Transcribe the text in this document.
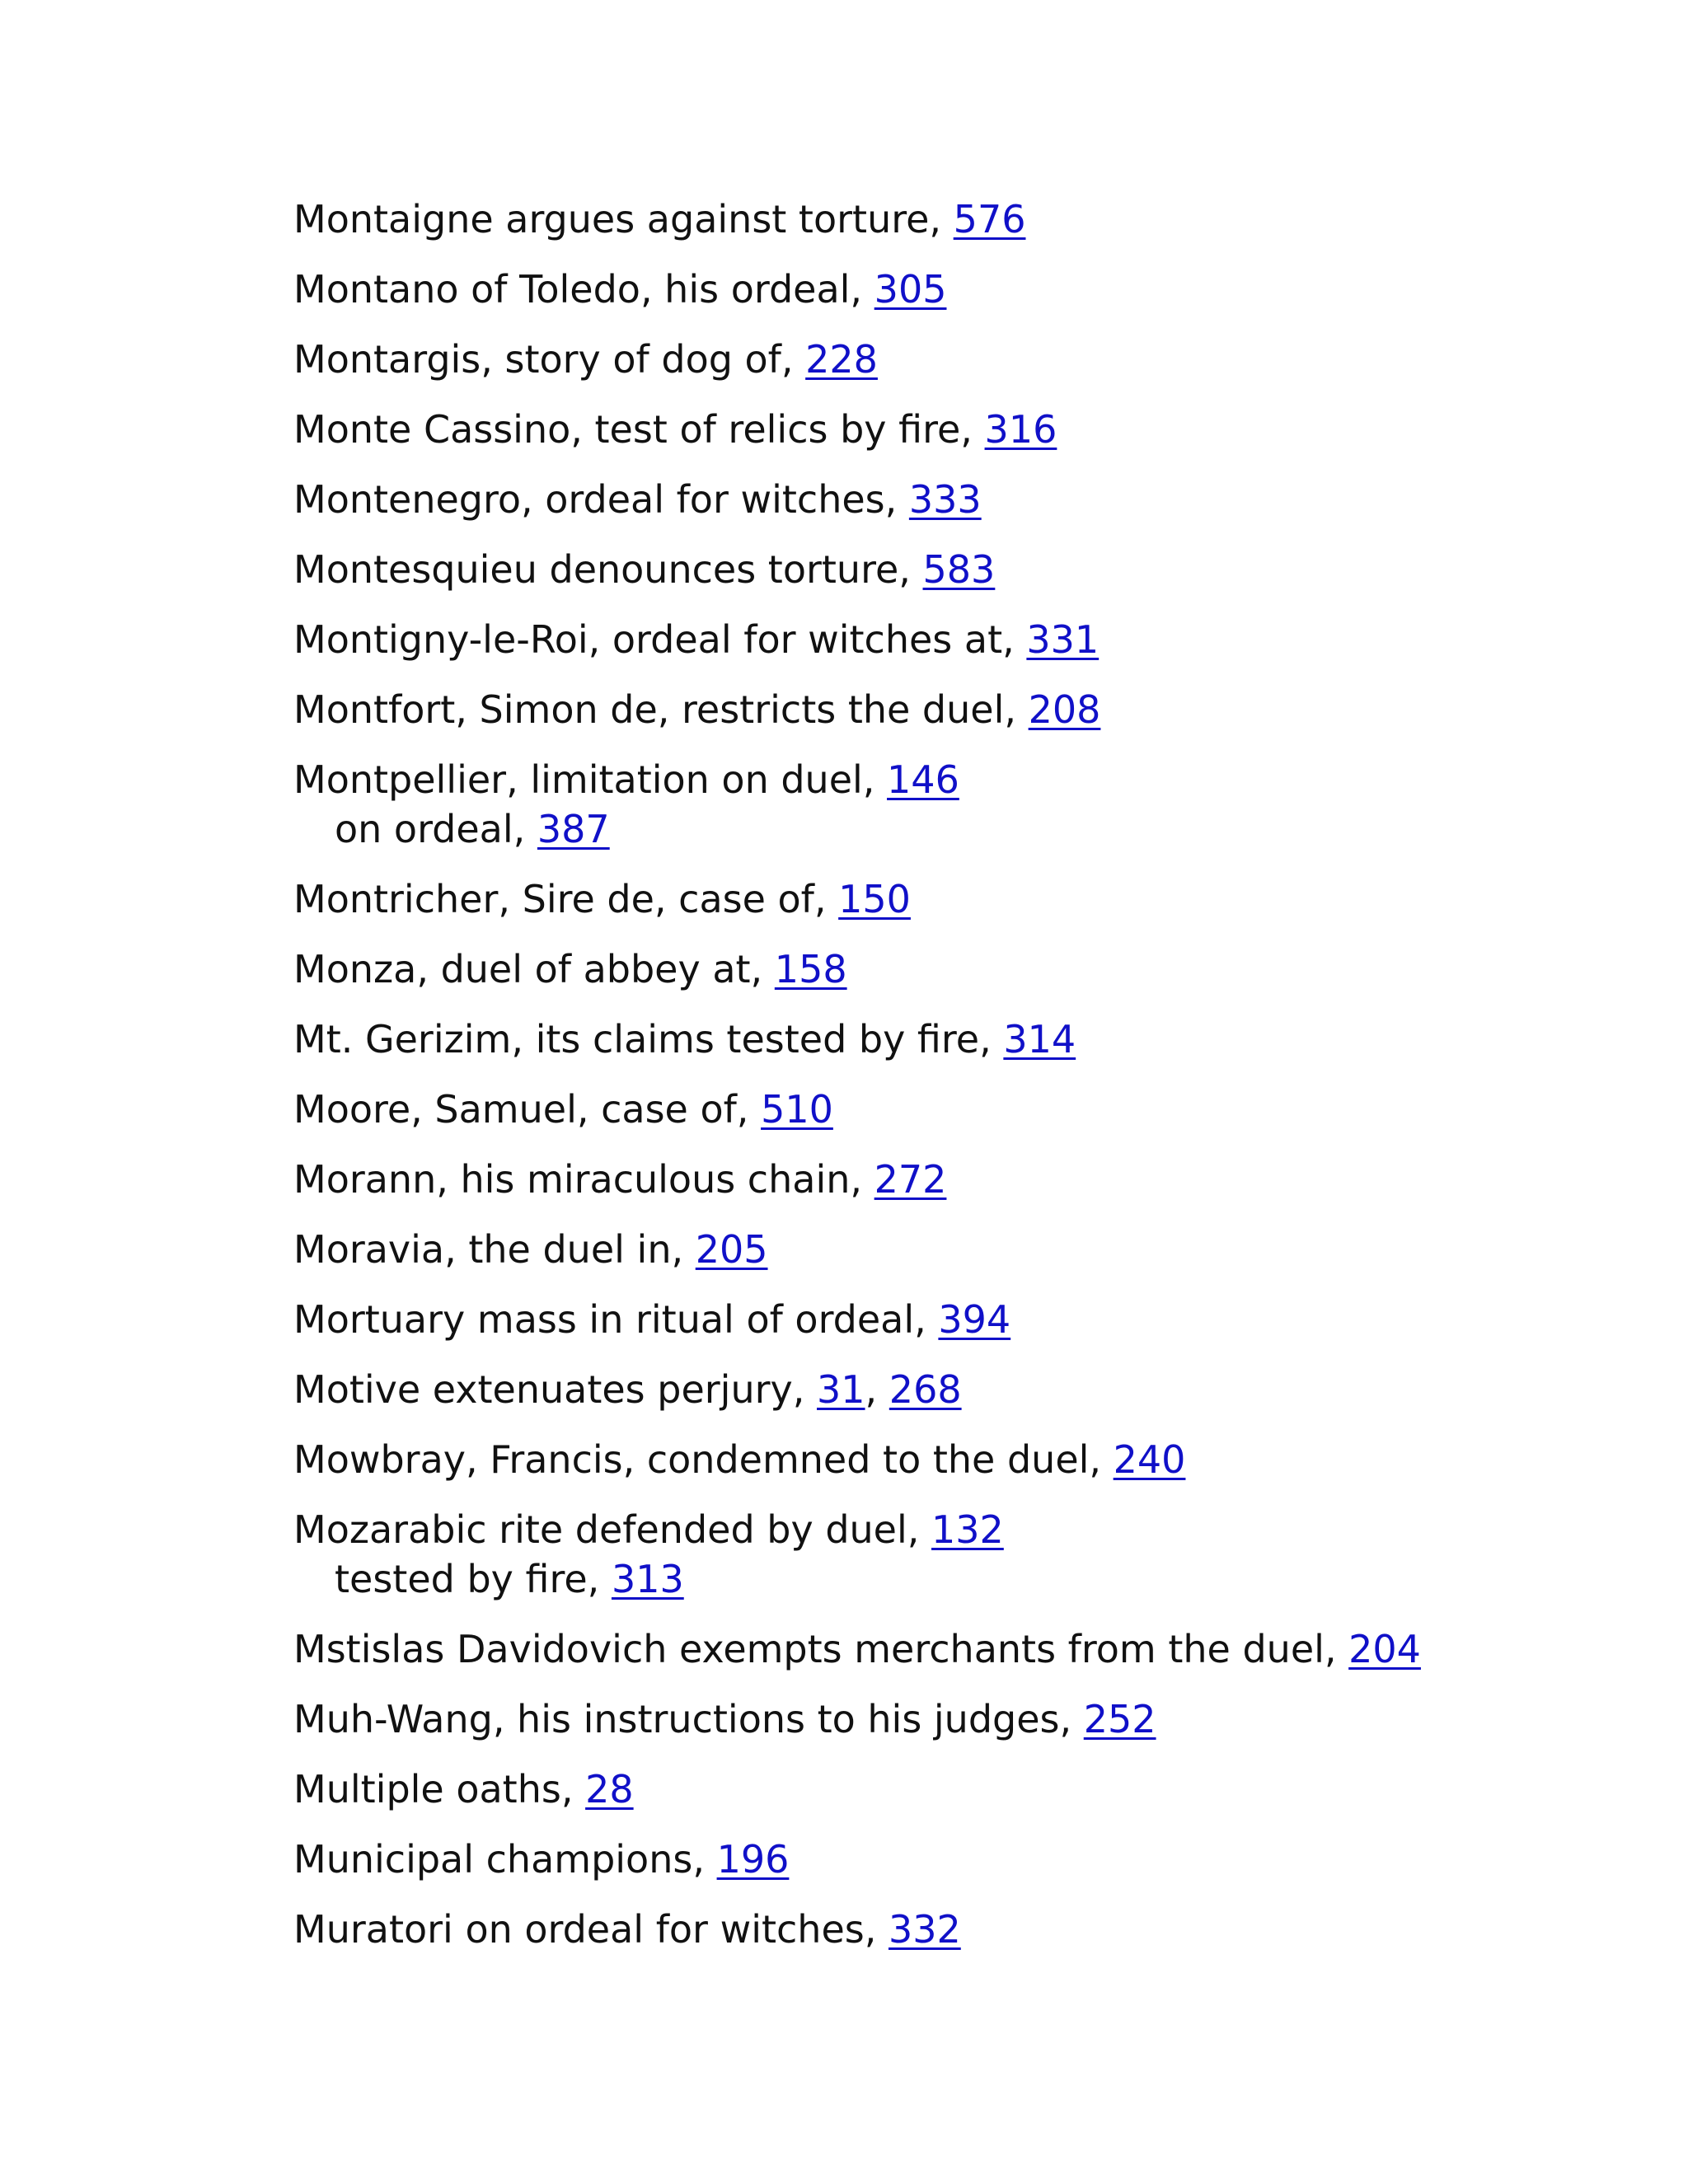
Montaigne argues against torture, 576
Montano of Toledo, his ordeal, 305
Montargis, story of dog of, 228
Monte Cassino, test of relics by fire, 316
Montenegro, ordeal for witches, 333
Montesquieu denounces torture, 583
Montigny-le-Roi, ordeal for witches at, 331
Montfort, Simon de, restricts the duel, 208
Montpellier, limitation on duel, 146
on ordeal, 387
Montricher, Sire de, case of, 150
Monza, duel of abbey at, 158
Mt. Gerizim, its claims tested by fire, 314
Moore, Samuel, case of, 510
Morann, his miraculous chain, 272
Moravia, the duel in, 205
Mortuary mass in ritual of ordeal, 394
Motive extenuates perjury, 31, 268
Mowbray, Francis, condemned to the duel, 240
Mozarabic rite defended by duel, 132
tested by fire, 313
Mstislas Davidovich exempts merchants from the duel, 204
Muh-Wang, his instructions to his judges, 252
Multiple oaths, 28
Municipal champions, 196
Muratori on ordeal for witches, 332
